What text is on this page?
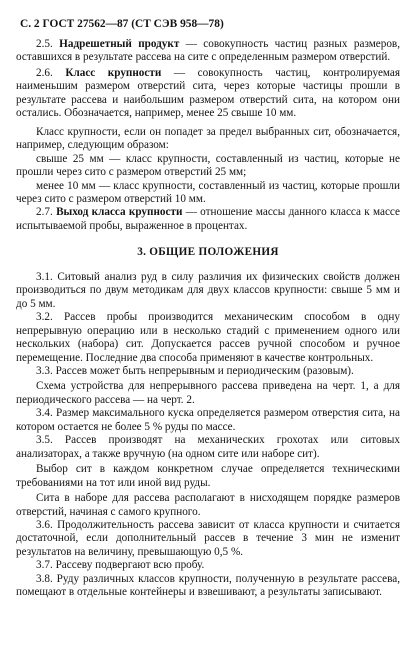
С. 2 ГОСТ 27562—87 (СТ СЭВ 958—78)

2.5. Надрешетный продукт — совокупность частиц разных размеров, оставшихся в результате рассева на сите с определенным размером отверстий.

2.6. Класс крупности — совокупность частиц, контролируемая наименьшим размером отверстий сита, через которые частицы прошли в результате рассева и наибольшим размером отверстий сита, на котором они остались. Обозначается, например, менее 25 свыше 10 мм.

Класс крупности, если он попадет за предел выбранных сит, обозначается, например, следующим образом:

свыше 25 мм — класс крупности, составленный из частиц, которые не прошли через сито с размером отверстий 25 мм;

менее 10 мм — класс крупности, составленный из частиц, которые прошли через сито с размером отверстий 10 мм.

2.7. Выход класса крупности — отношение массы данного класса к массе испытываемой пробы, выраженное в процентах.

3. ОБЩИЕ ПОЛОЖЕНИЯ

3.1. Ситовый анализ руд в силу различия их физических свойств должен производиться по двум методикам для двух классов крупности: свыше 5 мм и до 5 мм.

3.2. Рассев пробы производится механическим способом в одну непрерывную операцию или в несколько стадий с применением одного или нескольких (набора) сит. Допускается рассев ручной способом и ручное перемещение. Последние два способа применяют в качестве контрольных.

3.3. Рассев может быть непрерывным и периодическим (разовым).

Схема устройства для непрерывного рассева приведена на черт. 1, а для периодического рассева — на черт. 2.

3.4. Размер максимального куска определяется размером отверстия сита, на котором остается не более 5 % руды по массе.

3.5. Рассев производят на механических грохотах или ситовых анализаторах, а также вручную (на одном сите или наборе сит).

Выбор сит в каждом конкретном случае определяется техническими требованиями на тот или иной вид руды.

Сита в наборе для рассева располагают в нисходящем порядке размеров отверстий, начиная с самого крупного.

3.6. Продолжительность рассева зависит от класса крупности и считается достаточной, если дополнительный рассев в течение 3 мин не изменит результатов на величину, превышающую 0,5 %.

3.7. Рассеву подвергают всю пробу.

3.8. Руду различных классов крупности, полученную в результате рассева, помещают в отдельные контейнеры и взвешивают, а результаты записывают.
